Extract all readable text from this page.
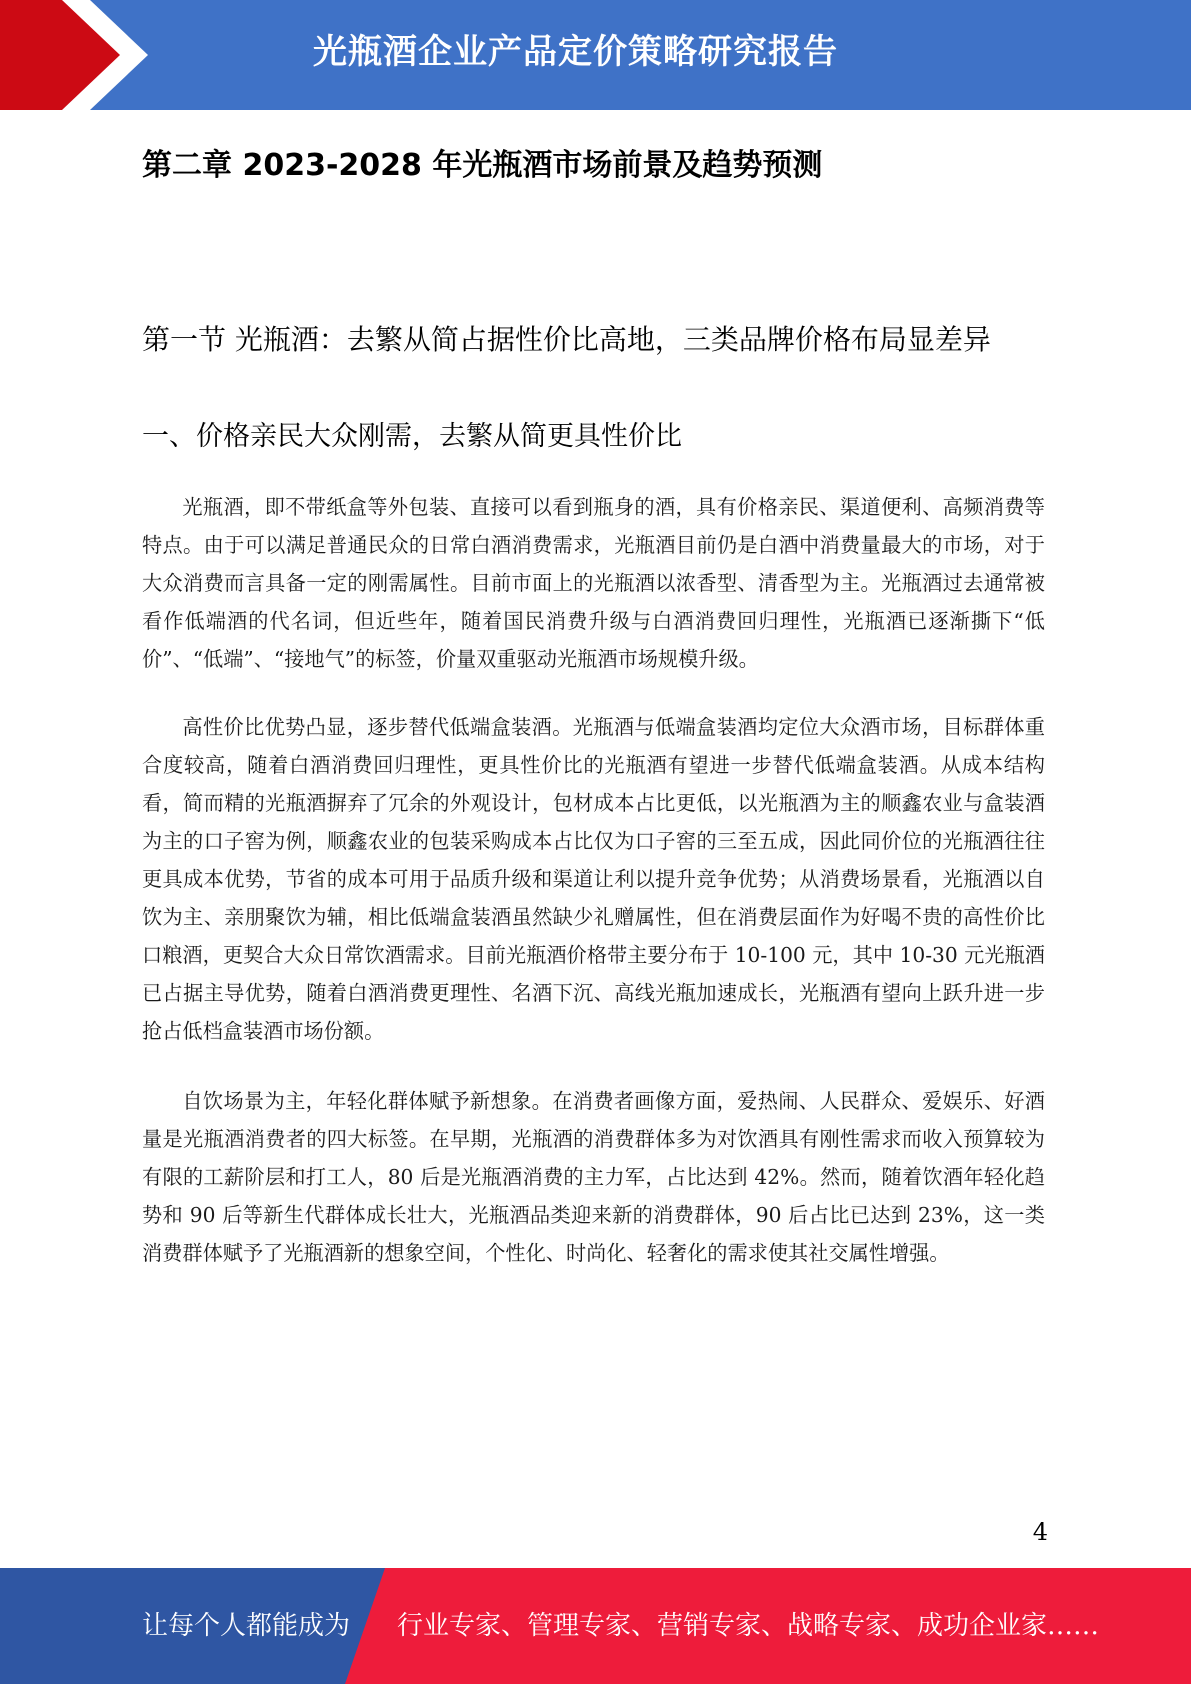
光瓶酒企业产品定价策略研究报告
第二章 2023-2028 年光瓶酒市场前景及趋势预测
第一节 光瓶酒：去繁从简占据性价比高地，三类品牌价格布局显差异
一、价格亲民大众刚需，去繁从简更具性价比

光瓶酒，即不带纸盒等外包装、直接可以看到瓶身的酒，具有价格亲民、渠道便利、高频消费等特点。由于可以满足普通民众的日常白酒消费需求，光瓶酒目前仍是白酒中消费量最大的市场，对于大众消费而言具备一定的刚需属性。目前市面上的光瓶酒以浓香型、清香型为主。光瓶酒过去通常被看作低端酒的代名词，但近些年，随着国民消费升级与白酒消费回归理性，光瓶酒已逐渐撕下“低价”、“低端”、“接地气”的标签，价量双重驱动光瓶酒市场规模升级。

高性价比优势凸显，逐步替代低端盒装酒。光瓶酒与低端盒装酒均定位大众酒市场，目标群体重合度较高，随着白酒消费回归理性，更具性价比的光瓶酒有望进一步替代低端盒装酒。从成本结构看，简而精的光瓶酒摒弃了冗余的外观设计，包材成本占比更低，以光瓶酒为主的顺鑫农业与盒装酒为主的口子窖为例，顺鑫农业的包装采购成本占比仅为口子窖的三至五成，因此同价位的光瓶酒往往更具成本优势，节省的成本可用于品质升级和渠道让利以提升竞争优势；从消费场景看，光瓶酒以自饮为主、亲朋聚饮为辅，相比低端盒装酒虽然缺少礼赠属性，但在消费层面作为好喝不贵的高性价比口粮酒，更契合大众日常饮酒需求。目前光瓶酒价格带主要分布于 10-100 元，其中 10-30 元光瓶酒已占据主导优势，随着白酒消费更理性、名酒下沉、高线光瓶加速成长，光瓶酒有望向上跃升进一步抢占低档盒装酒市场份额。

自饮场景为主，年轻化群体赋予新想象。在消费者画像方面，爱热闹、人民群众、爱娱乐、好酒量是光瓶酒消费者的四大标签。在早期，光瓶酒的消费群体多为对饮酒具有刚性需求而收入预算较为有限的工薪阶层和打工人，80 后是光瓶酒消费的主力军，占比达到 42%。然而，随着饮酒年轻化趋势和 90 后等新生代群体成长壮大，光瓶酒品类迎来新的消费群体，90 后占比已达到 23%，这一类消费群体赋予了光瓶酒新的想象空间，个性化、时尚化、轻奢化的需求使其社交属性增强。

4
让每个人都能成为 行业专家、管理专家、营销专家、战略专家、成功企业家……
